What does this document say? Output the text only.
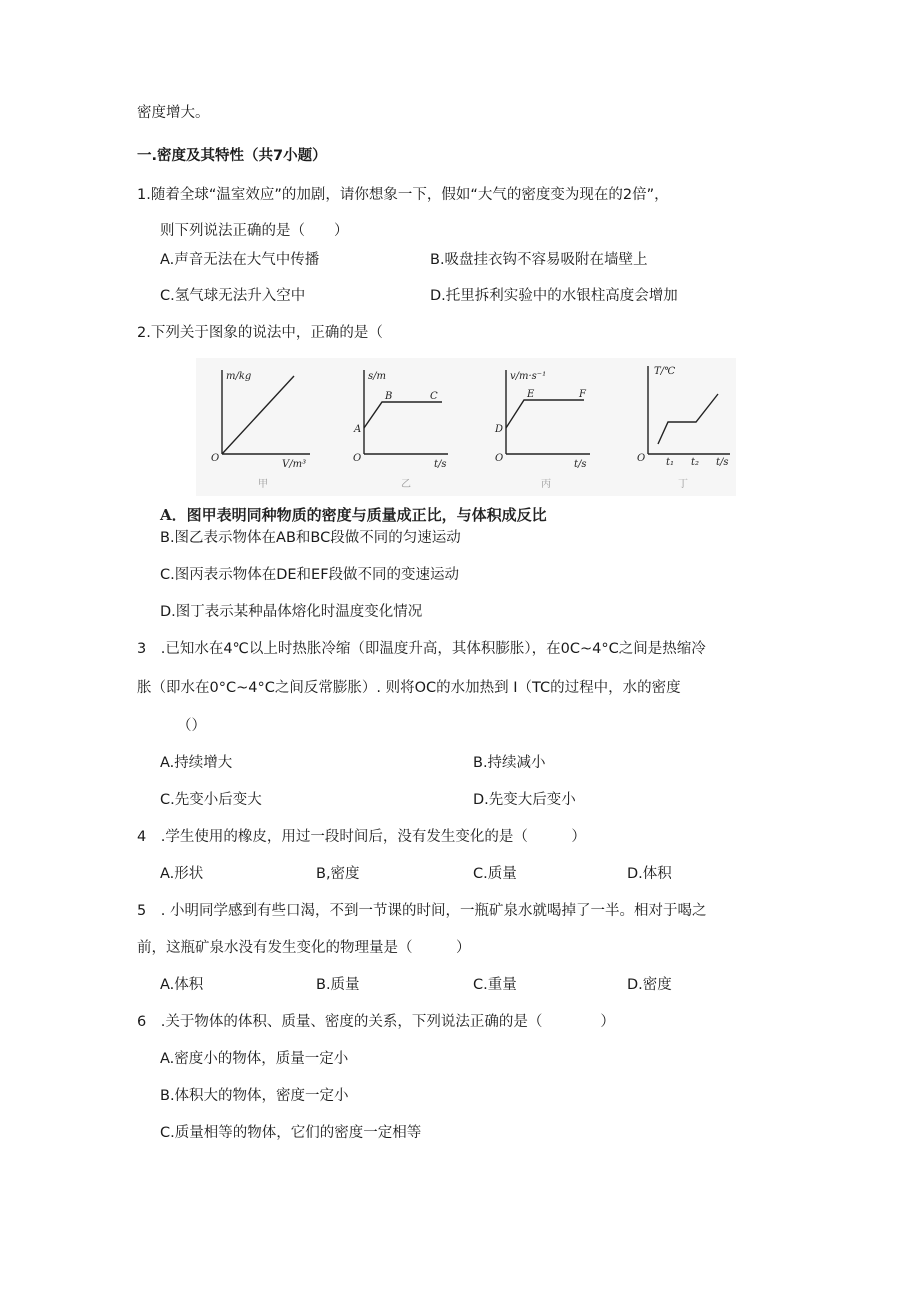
密度增大。
一.密度及其特性（共7小题）
1.随着全球“温室效应”的加剧，请你想象一下，假如“大气的密度变为现在的2倍”，
则下列说法正确的是（　　）
A.声音无法在大气中传播	B.吸盘挂衣钩不容易吸附在墙壁上
C.氢气球无法升入空中	D.托里拆利实验中的水银柱高度会增加
2.下列关于图象的说法中，正确的是（
m/kg
V/m³
O
甲
s/m
t/s
O
A
B	C
乙
v/m·s⁻¹
t/s
O
D
E	F
丙
T/℃
t/s
O t₁ t₂
丁
A．图甲表明同种物质的密度与质量成正比，与体积成反比
B.图乙表示物体在AB和BC段做不同的匀速运动
C.图丙表示物体在DE和EF段做不同的变速运动
D.图丁表示某种晶体熔化时温度变化情况
3　.已知水在4℃以上时热胀冷缩（即温度升高，其体积膨胀），在0C~4°C之间是热缩冷
胀（即水在0°C~4°C之间反常膨胀）. 则将OC的水加热到 I（TC的过程中，水的密度
（）
A.持续增大	B.持续减小
C.先变小后变大	D.先变大后变小
4　.学生使用的橡皮，用过一段时间后，没有发生变化的是（　　　）
A.形状	B,密度	C.质量	D.体积
5　. 小明同学感到有些口渴，不到一节课的时间，一瓶矿泉水就喝掉了一半。相对于喝之
前，这瓶矿泉水没有发生变化的物理量是（　　　）
A.体积	B.质量	C.重量	D.密度
6　.关于物体的体积、质量、密度的关系，下列说法正确的是（　　　　）
A.密度小的物体，质量一定小
B.体积大的物体，密度一定小
C.质量相等的物体，它们的密度一定相等
